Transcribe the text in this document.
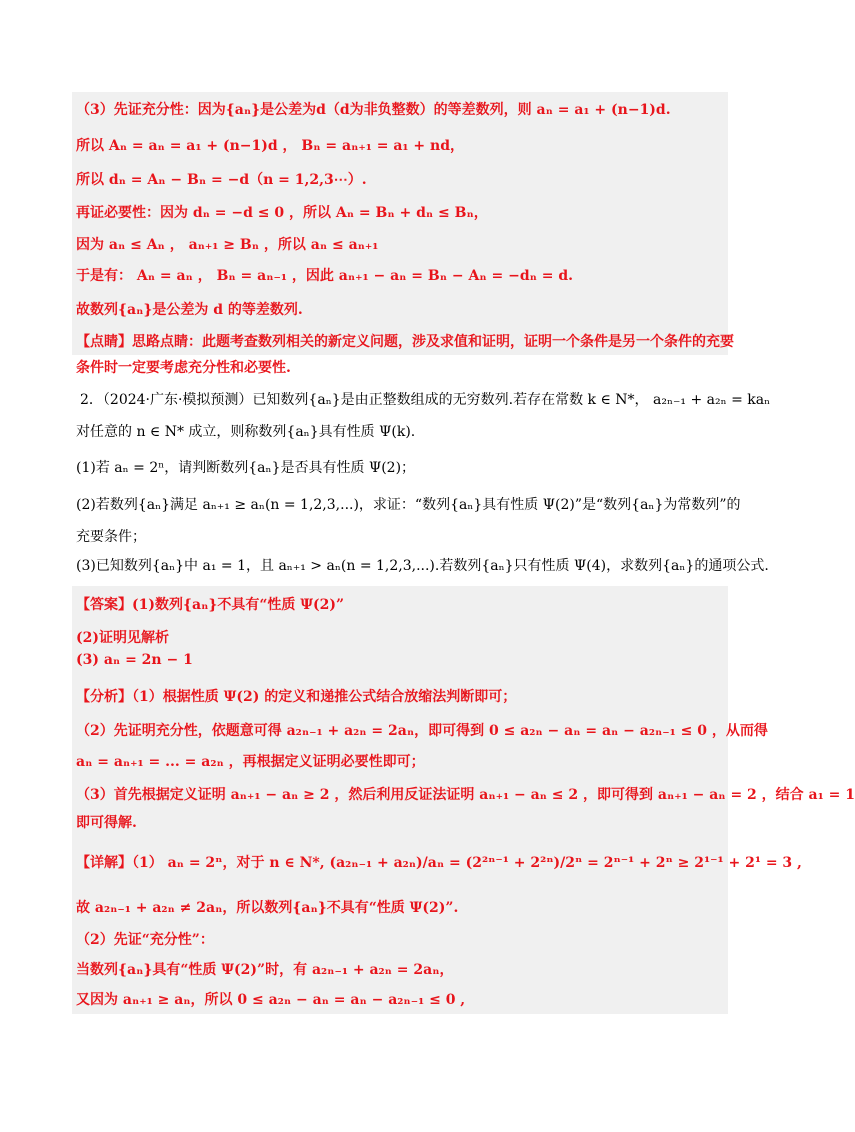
（3）先证充分性：因为{aₙ}是公差为d（d为非负整数）的等差数列，则 aₙ = a₁ + (n−1)d.
所以 Aₙ = aₙ = a₁ + (n−1)d ， Bₙ = aₙ₊₁ = a₁ + nd，
所以 dₙ = Aₙ − Bₙ = −d（n = 1,2,3⋯）.
再证必要性：因为 dₙ = −d ≤ 0 ，所以 Aₙ = Bₙ + dₙ ≤ Bₙ，
因为 aₙ ≤ Aₙ ， aₙ₊₁ ≥ Bₙ ，所以 aₙ ≤ aₙ₊₁
于是有： Aₙ = aₙ ， Bₙ = aₙ₋₁ ，因此 aₙ₊₁ − aₙ = Bₙ − Aₙ = −dₙ = d.
故数列{aₙ}是公差为 d 的等差数列.
【点睛】思路点睛：此题考查数列相关的新定义问题，涉及求值和证明，证明一个条件是另一个条件的充要
条件时一定要考虑充分性和必要性.
2．（2024·广东·模拟预测）已知数列{aₙ}是由正整数组成的无穷数列.若存在常数 k ∈ N*， a₂ₙ₋₁ + a₂ₙ = kaₙ
对任意的 n ∈ N* 成立，则称数列{aₙ}具有性质 Ψ(k).
(1)若 aₙ = 2ⁿ，请判断数列{aₙ}是否具有性质 Ψ(2)；
(2)若数列{aₙ}满足 aₙ₊₁ ≥ aₙ(n = 1,2,3,...)，求证：“数列{aₙ}具有性质 Ψ(2)”是“数列{aₙ}为常数列”的
充要条件；
(3)已知数列{aₙ}中 a₁ = 1，且 aₙ₊₁ > aₙ(n = 1,2,3,...).若数列{aₙ}只有性质 Ψ(4)，求数列{aₙ}的通项公式.
【答案】(1)数列{aₙ}不具有“性质 Ψ(2)”
(2)证明见解析
(3) aₙ = 2n − 1
【分析】（1）根据性质 Ψ(2) 的定义和递推公式结合放缩法判断即可；
（2）先证明充分性，依题意可得 a₂ₙ₋₁ + a₂ₙ = 2aₙ，即可得到 0 ≤ a₂ₙ − aₙ = aₙ − a₂ₙ₋₁ ≤ 0 ，从而得
aₙ = aₙ₊₁ = ... = a₂ₙ ，再根据定义证明必要性即可；
（3）首先根据定义证明 aₙ₊₁ − aₙ ≥ 2 ，然后利用反证法证明 aₙ₊₁ − aₙ ≤ 2 ，即可得到 aₙ₊₁ − aₙ = 2 ，结合 a₁ = 1
即可得解.
【详解】（1） aₙ = 2ⁿ，对于 n ∈ N*, (a₂ₙ₋₁ + a₂ₙ)/aₙ = (2²ⁿ⁻¹ + 2²ⁿ)/2ⁿ = 2ⁿ⁻¹ + 2ⁿ ≥ 2¹⁻¹ + 2¹ = 3 ,
故 a₂ₙ₋₁ + a₂ₙ ≠ 2aₙ，所以数列{aₙ}不具有“性质 Ψ(2)”.
（2）先证“充分性”：
当数列{aₙ}具有“性质 Ψ(2)”时，有 a₂ₙ₋₁ + a₂ₙ = 2aₙ，
又因为 aₙ₊₁ ≥ aₙ，所以 0 ≤ a₂ₙ − aₙ = aₙ − a₂ₙ₋₁ ≤ 0 ,
